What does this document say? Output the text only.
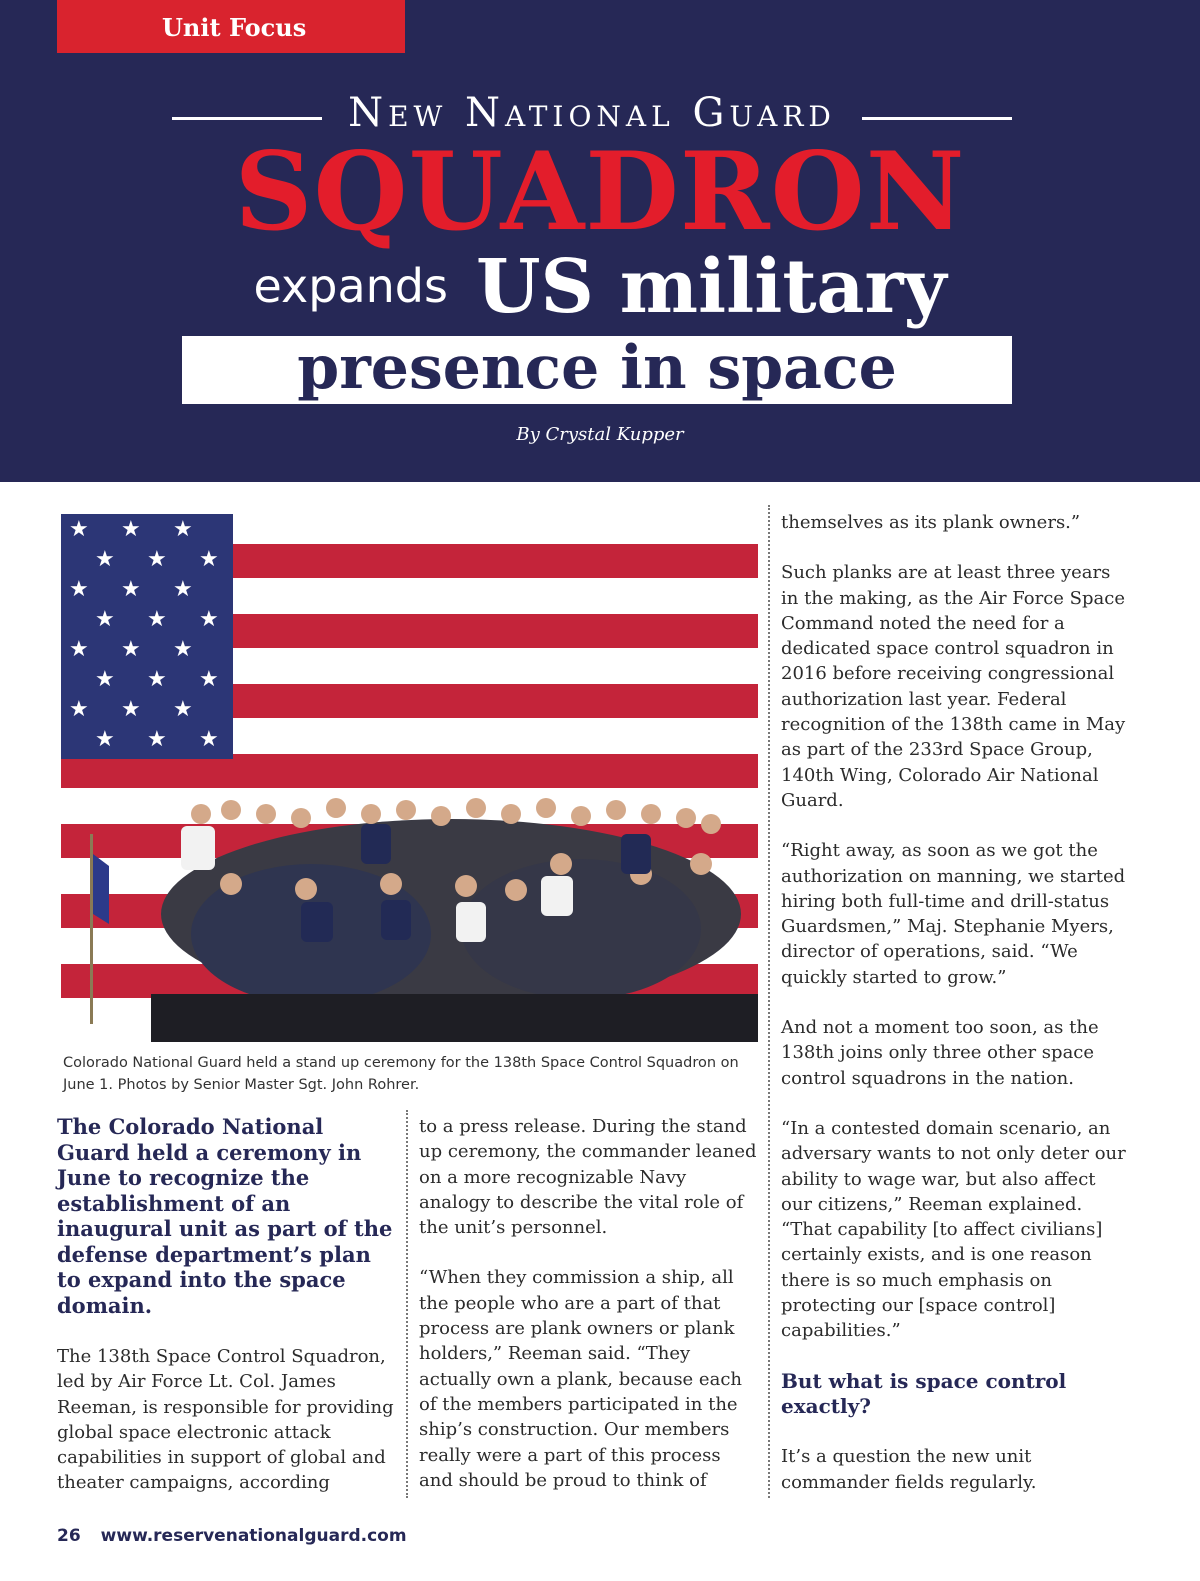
Unit Focus
New National Guard
SQUADRON
expands US military
presence in space
By Crystal Kupper
★ ★ ★
★ ★ ★
★ ★ ★
★ ★ ★
★ ★ ★
★ ★ ★
★ ★ ★
★ ★ ★
Colorado National Guard held a stand up ceremony for the 138th Space Control Squadron on June 1. Photos by Senior Master Sgt. John Rohrer.

The Colorado National Guard held a ceremony in June to recognize the establishment of an inaugural unit as part of the defense department’s plan to expand into the space domain.

The 138th Space Control Squadron, led by Air Force Lt. Col. James Reeman, is responsible for providing global space electronic attack capabilities in support of global and theater campaigns, according

to a press release. During the stand up ceremony, the commander leaned on a more recognizable Navy analogy to describe the vital role of the unit’s personnel.

“When they commission a ship, all the people who are a part of that process are plank owners or plank holders,” Reeman said. “They actually own a plank, because each of the members participated in the ship’s construction. Our members really were a part of this process and should be proud to think of

themselves as its plank owners.”

Such planks are at least three years in the making, as the Air Force Space Command noted the need for a dedicated space control squadron in 2016 before receiving congressional authorization last year. Federal recognition of the 138th came in May as part of the 233rd Space Group, 140th Wing, Colorado Air National Guard.

“Right away, as soon as we got the authorization on manning, we started hiring both full-time and drill-status Guardsmen,” Maj. Stephanie Myers, director of operations, said. “We quickly started to grow.”

And not a moment too soon, as the 138th joins only three other space control squadrons in the nation.

“In a contested domain scenario, an adversary wants to not only deter our ability to wage war, but also affect our citizens,” Reeman explained. “That capability [to affect civilians] certainly exists, and is one reason there is so much emphasis on protecting our [space control] capabilities.”

But what is space control exactly?

It’s a question the new unit commander fields regularly.

26 www.reservenationalguard.com
